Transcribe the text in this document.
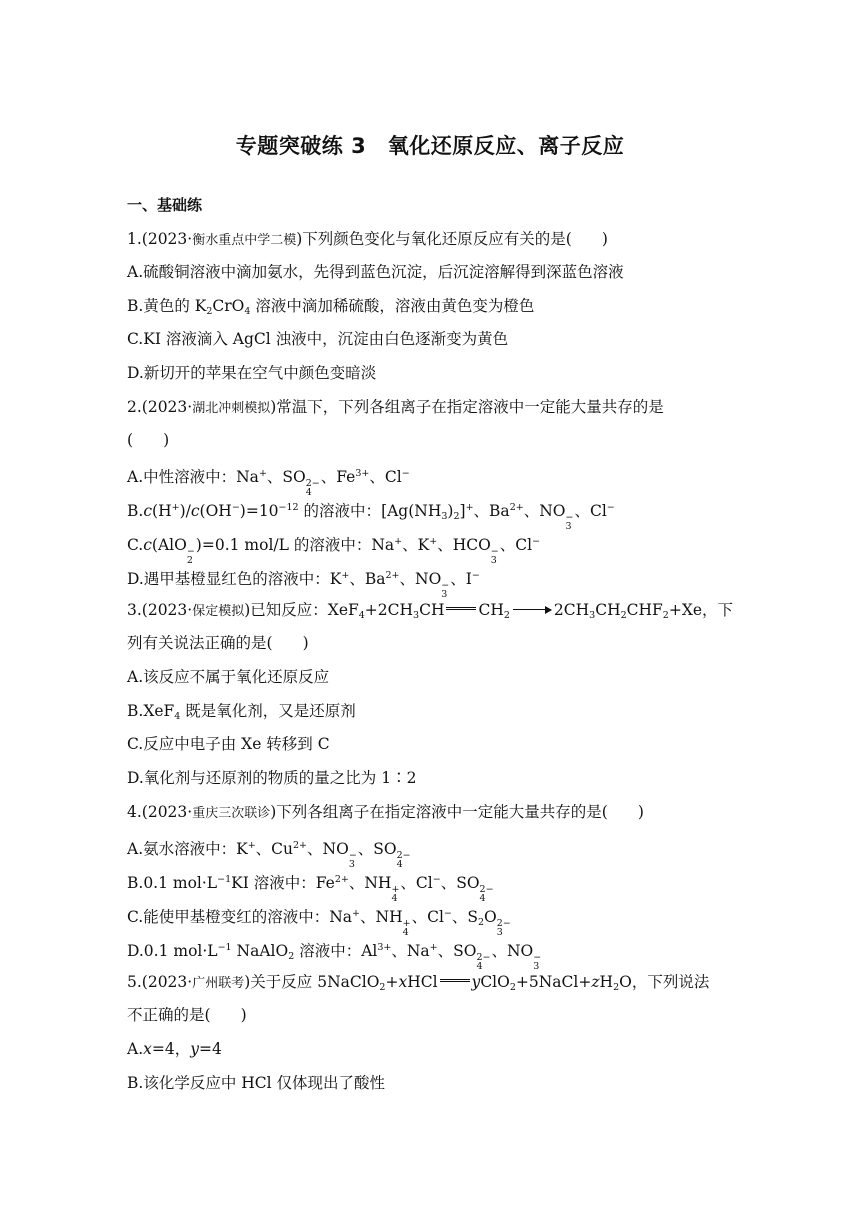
专题突破练 3　氧化还原反应、离子反应
一、基础练
1.(2023·衡水重点中学二模)下列颜色变化与氧化还原反应有关的是( )
A.硫酸铜溶液中滴加氨水，先得到蓝色沉淀，后沉淀溶解得到深蓝色溶液
B.黄色的 $K_2CrO_4$ 溶液中滴加稀硫酸，溶液由黄色变为橙色
C.KI 溶液滴入 AgCl 浊液中，沉淀由白色逐渐变为黄色
D.新切开的苹果在空气中颜色变暗淡
2.(2023·湖北冲刺模拟)常温下，下列各组离子在指定溶液中一定能大量共存的是
( )
A.中性溶液中：Na+、SO 2−
4
、$Fe^{3+}$、Cl−
$B.c(H^+)/c(OH^-)=10^{-12}$ 的溶液中：$[Ag(NH_3)_2]^+$、$Ba^{2+}$、NO −
3
、Cl−
C.c(AlO −
2
)=0.1 mol/L 的溶液中：Na+、K+、HCO −
3
、Cl−
D.遇甲基橙显红色的溶液中：K+、$Ba^{2+}$、NO −
3
、I−
3.(2023·保定模拟)已知反应：$XeF_4+2CH_3CH$ $CH_2$	$2CH_3CH_2CHF_2+Xe$，下
列有关说法正确的是( )
A.该反应不属于氧化还原反应
B.XeF$_4$ 既是氧化剂，又是还原剂
C.反应中电子由 Xe 转移到 C
D.氧化剂与还原剂的物质的量之比为 1∶2
4.(2023·重庆三次联诊)下列各组离子在指定溶液中一定能大量共存的是( )
A.氨水溶液中：K+、$Cu^{2+}$、NO −
3
、SO 2−
4
B.0.1 $mol\cdot L^{-1}KI$ 溶液中：$Fe^{2+}$、NH +
4
、Cl−、SO 2−
4
C.能使甲基橙变红的溶液中：Na+、NH +
4
、Cl−、$S_2O$ 2−
3
D.0.1 $mol\cdot L^{-1}$ NaAlO$_2$ 溶液中：$Al^{3+}$、Na+、SO 2−
4
、NO −
3
5.(2023·广州联考)关于反应 5NaClO$_2$+xHCl $yClO_2+5NaCl+zH_2O$，下列说法
不正确的是( )
A.x=4，y=4
B.该化学反应中 HCl 仅体现出了酸性
